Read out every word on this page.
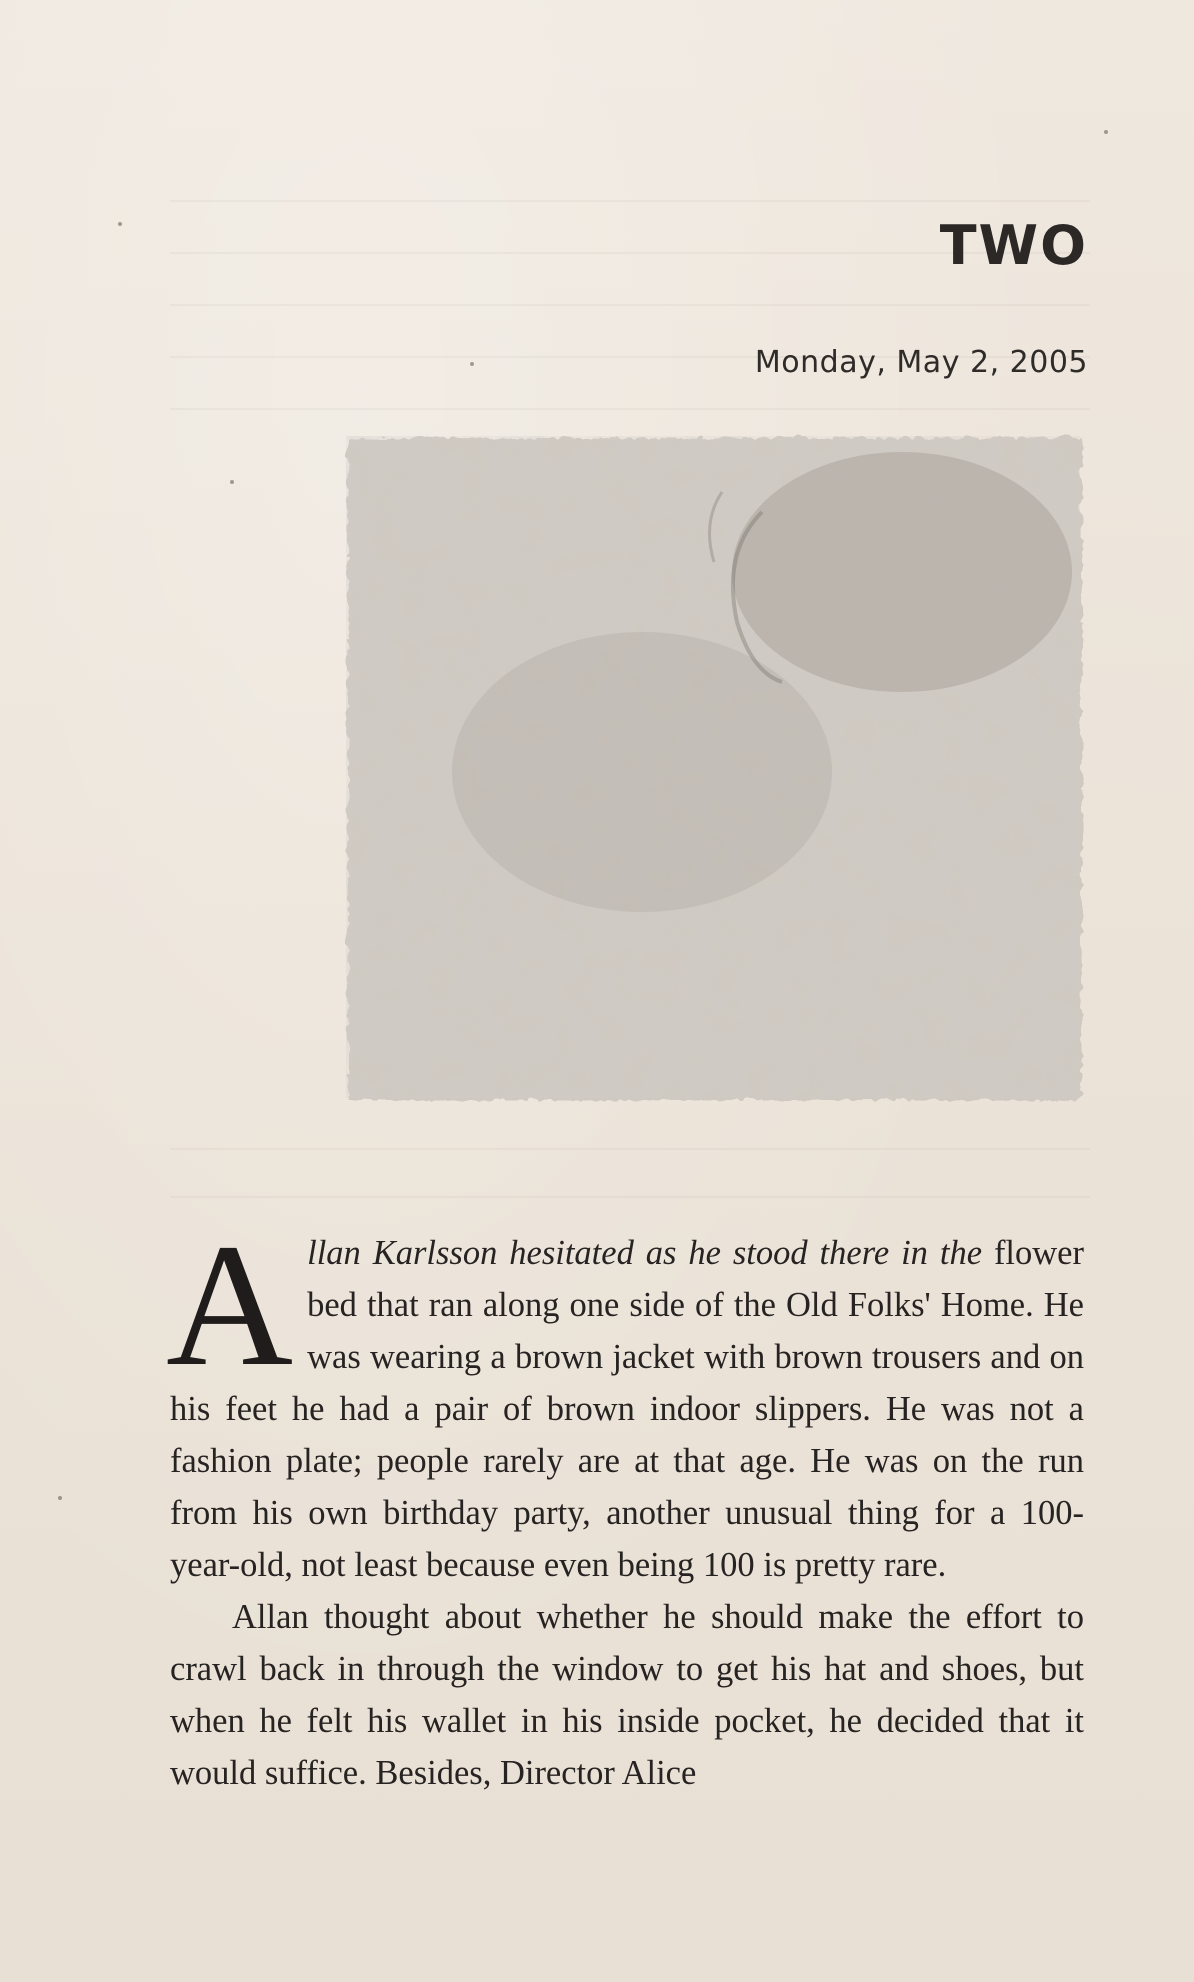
TWO
Monday, May 2, 2005

Allan Karlsson hesitated as he stood there in the flower bed that ran along one side of the Old Folks' Home. He was wearing a brown jacket with brown trousers and on his feet he had a pair of brown indoor slippers. He was not a fashion plate; people rarely are at that age. He was on the run from his own birthday party, another unusual thing for a 100-year-old, not least because even being 100 is pretty rare.

Allan thought about whether he should make the effort to crawl back in through the window to get his hat and shoes, but when he felt his wallet in his inside pocket, he decided that it would suffice. Besides, Director Alice
